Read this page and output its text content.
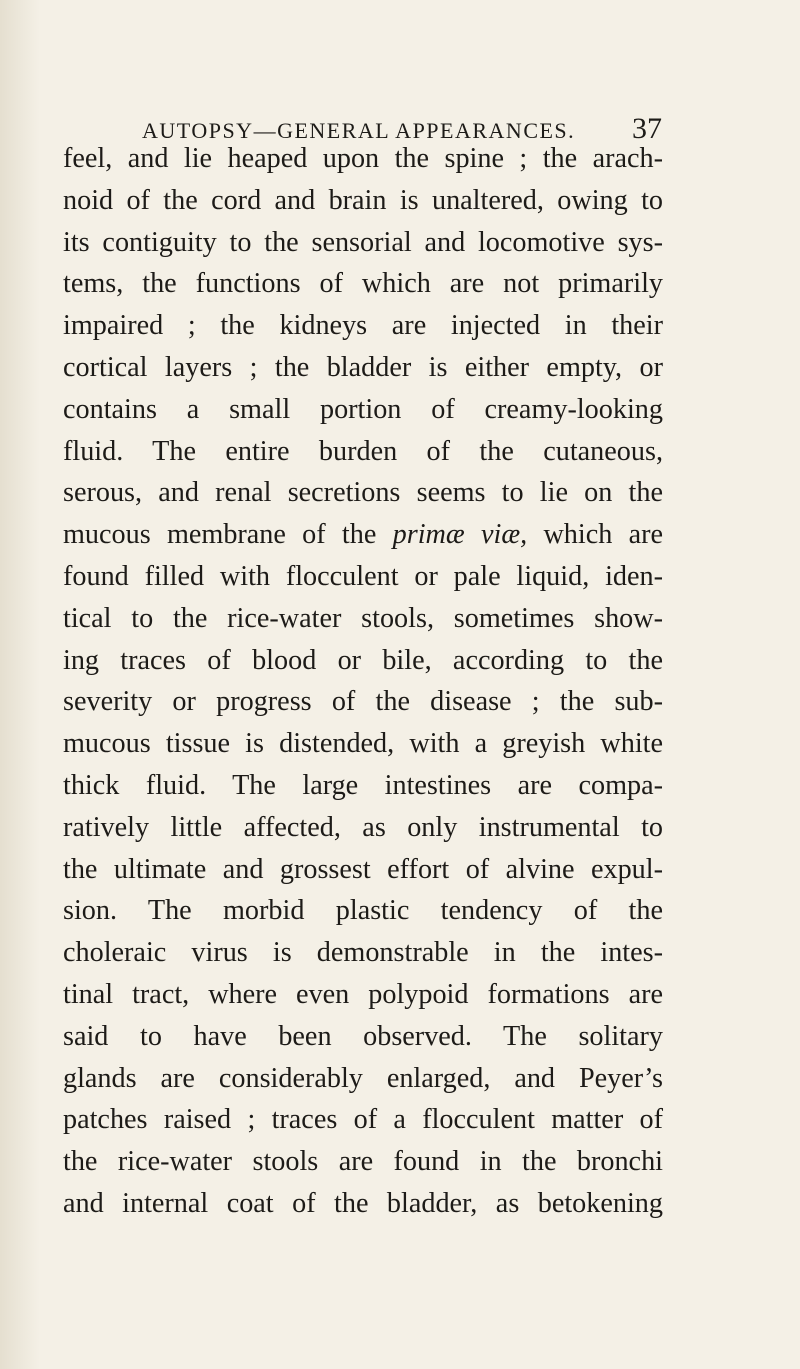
AUTOPSY—GENERAL APPEARANCES. 37
feel, and lie heaped upon the spine ; the arach-
noid of the cord and brain is unaltered, owing to
its contiguity to the sensorial and locomotive sys-
tems, the functions of which are not primarily
impaired ; the kidneys are injected in their
cortical layers ; the bladder is either empty, or
contains a small portion of creamy-looking
fluid. The entire burden of the cutaneous,
serous, and renal secretions seems to lie on the
mucous membrane of the primæ viæ, which are
found filled with flocculent or pale liquid, iden-
tical to the rice-water stools, sometimes show-
ing traces of blood or bile, according to the
severity or progress of the disease ; the sub-
mucous tissue is distended, with a greyish white
thick fluid. The large intestines are compa-
ratively little affected, as only instrumental to
the ultimate and grossest effort of alvine expul-
sion. The morbid plastic tendency of the
choleraic virus is demonstrable in the intes-
tinal tract, where even polypoid formations are
said to have been observed. The solitary
glands are considerably enlarged, and Peyer’s
patches raised ; traces of a flocculent matter of
the rice-water stools are found in the bronchi
and internal coat of the bladder, as betokening
